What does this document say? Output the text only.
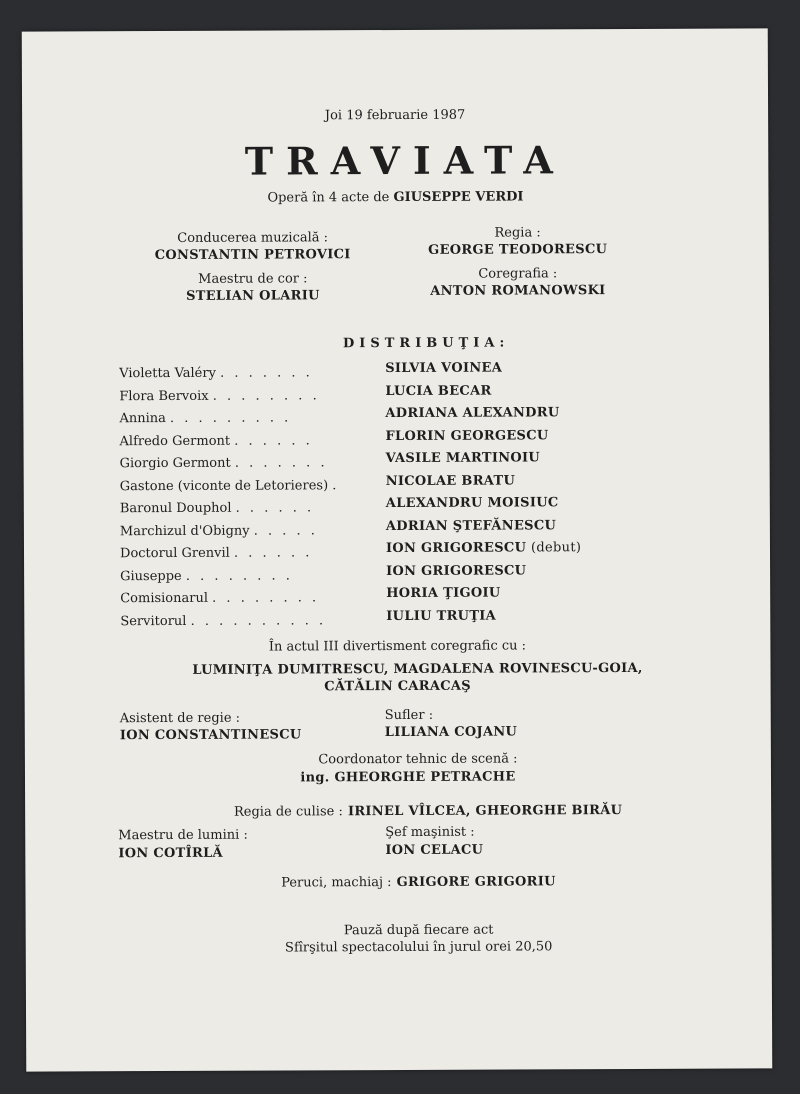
Joi 19 februarie 1987
TRAVIATA
Operă în 4 acte de GIUSEPPE VERDI
Conducerea muzicală :
CONSTANTIN PETROVICI
Regia :
GEORGE TEODORESCU
Maestru de cor :
STELIAN OLARIU
Coregrafia :
ANTON ROMANOWSKI
DISTRIBUŢIA:
Violetta Valéry . . . . . . .	SILVIA VOINEA
Flora Bervoix . . . . . . . .	LUCIA BECAR
Annina . . . . . . . . .	ADRIANA ALEXANDRU
Alfredo Germont . . . . . .	FLORIN GEORGESCU
Giorgio Germont . . . . . . .	VASILE MARTINOIU
Gastone (viconte de Letorieres) .	NICOLAE BRATU
Baronul Douphol . . . . . .	ALEXANDRU MOISIUC
Marchizul d'Obigny . . . . .	ADRIAN ŞTEFĂNESCU
Doctorul Grenvil . . . . . .	ION GRIGORESCU (debut)
Giuseppe . . . . . . . .	ION GRIGORESCU
Comisionarul . . . . . . . .	HORIA ŢIGOIU
Servitorul . . . . . . . . . .	IULIU TRUŢIA
În actul III divertisment coregrafic cu :
LUMINIŢA DUMITRESCU, MAGDALENA ROVINESCU-GOIA,
CĂTĂLIN CARACAŞ
Asistent de regie :
ION CONSTANTINESCU
Sufler :
LILIANA COJANU
Coordonator tehnic de scenă :
ing. GHEORGHE PETRACHE
Regia de culise : IRINEL VÎLCEA, GHEORGHE BIRĂU
Maestru de lumini :
ION COTÎRLĂ
Şef maşinist :
ION CELACU
Peruci, machiaj : GRIGORE GRIGORIU
Pauză după fiecare act
Sfîrşitul spectacolului în jurul orei 20,50
